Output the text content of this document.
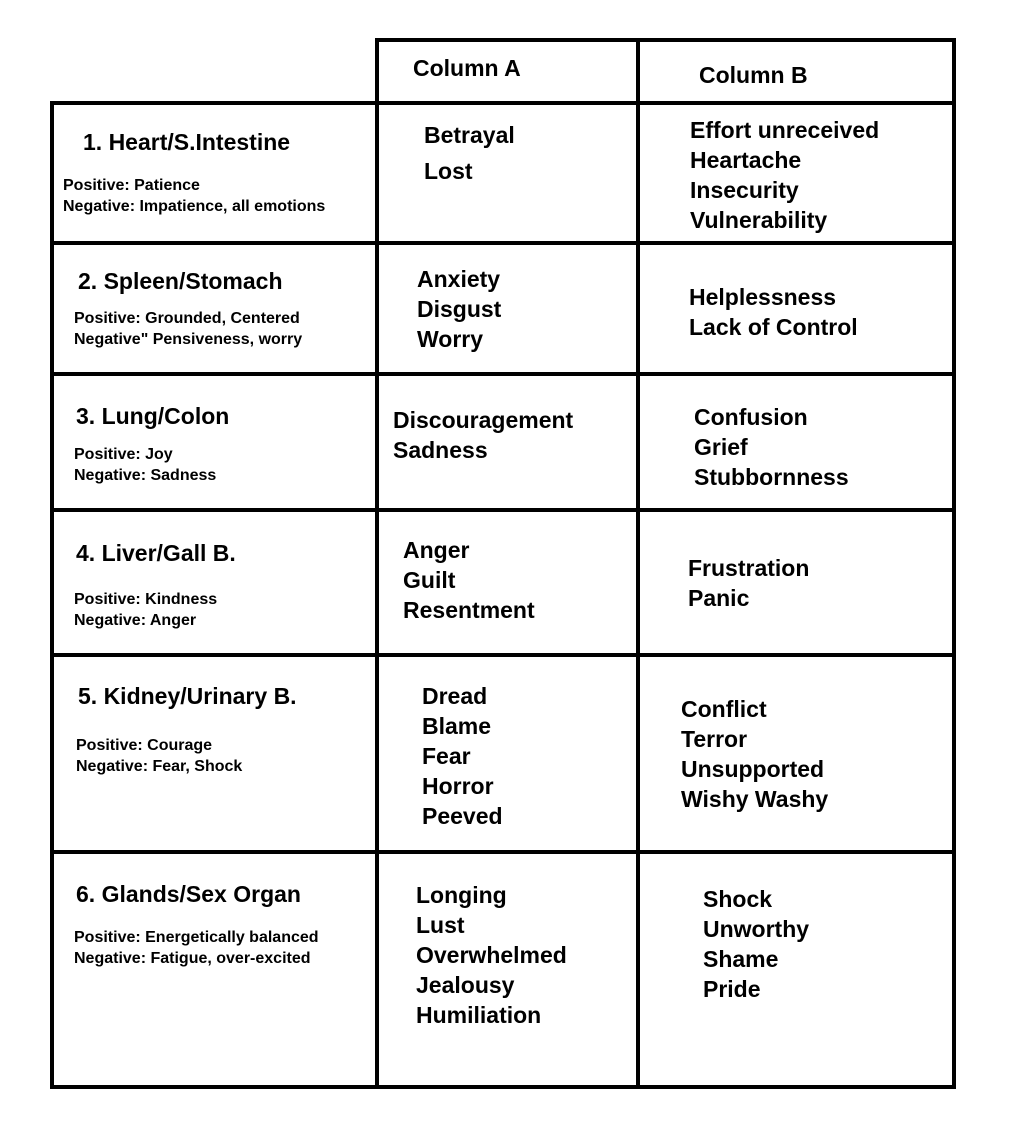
Column A	Column B
1. Heart/S.Intestine
Positive: Patience
Negative: Impatience, all emotions
Betrayal
Lost
Effort unreceived
Heartache
Insecurity
Vulnerability
2. Spleen/Stomach
Positive: Grounded, Centered
Negative" Pensiveness, worry
Anxiety
Disgust
Worry
Helplessness
Lack of Control
3. Lung/Colon
Positive: Joy
Negative: Sadness
Discouragement
Sadness
Confusion
Grief
Stubbornness
4. Liver/Gall B.
Positive: Kindness
Negative: Anger
Anger
Guilt
Resentment
Frustration
Panic
5. Kidney/Urinary B.
Positive: Courage
Negative: Fear, Shock
Dread
Blame
Fear
Horror
Peeved
Conflict
Terror
Unsupported
Wishy Washy
6. Glands/Sex Organ
Positive: Energetically balanced
Negative: Fatigue, over-excited
Longing
Lust
Overwhelmed
Jealousy
Humiliation
Shock
Unworthy
Shame
Pride
